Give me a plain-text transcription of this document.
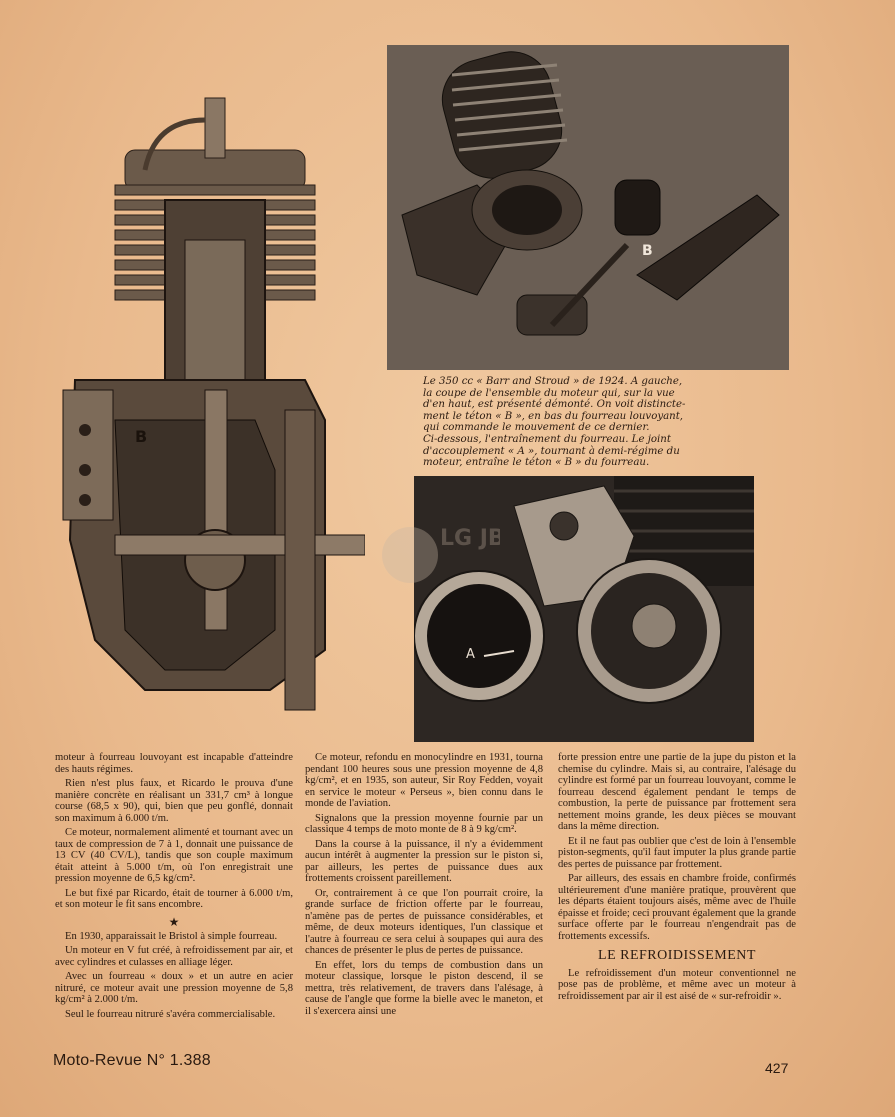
B
B
Le 350 cc « Barr and Stroud » de 1924. A gauche,
la coupe de l'ensemble du moteur qui, sur la vue
d'en haut, est présenté démonté. On voit distincte-
ment le téton « B », en bas du fourreau louvoyant,
qui commande le mouvement de ce dernier.
Ci-dessous, l'entraînement du fourreau. Le joint
d'accouplement « A », tournant à demi-régime du
moteur, entraîne le téton « B » du fourreau.
A
LG JB

moteur à fourreau louvoyant est incapable d'atteindre des hauts régimes.

Rien n'est plus faux, et Ricardo le prouva d'une manière concrète en réalisant un 331,7 cm³ à longue course (68,5 x 90), qui, bien que peu gonflé, donnait son maximum à 6.000 t/m.

Ce moteur, normalement alimenté et tournant avec un taux de compression de 7 à 1, donnait une puissance de 13 CV (40 CV/L), tandis que son couple maximum était atteint à 5.000 t/m, où l'on enregistrait une pression moyenne de 6,5 kg/cm².

Le but fixé par Ricardo, était de tourner à 6.000 t/m, et son moteur le fit sans encombre.

★

En 1930, apparaissait le Bristol à simple fourreau.

Un moteur en V fut créé, à refroidissement par air, et avec cylindres et culasses en alliage léger.

Avec un fourreau « doux » et un autre en acier nitruré, ce moteur avait une pression moyenne de 5,8 kg/cm² à 2.000 t/m.

Seul le fourreau nitruré s'avéra commercialisable.

Ce moteur, refondu en monocylindre en 1931, tourna pendant 100 heures sous une pression moyenne de 4,8 kg/cm², et en 1935, son auteur, Sir Roy Fedden, voyait en service le moteur « Perseus », bien connu dans le monde de l'aviation.

Signalons que la pression moyenne fournie par un classique 4 temps de moto monte de 8 à 9 kg/cm².

Dans la course à la puissance, il n'y a évidemment aucun intérêt à augmenter la pression sur le piston si, par ailleurs, les pertes de puissance dues aux frottements croissent pareillement.

Or, contrairement à ce que l'on pourrait croire, la grande surface de friction offerte par le fourreau, n'amène pas de pertes de puissance considérables, et même, de deux moteurs identiques, l'un classique et l'autre à fourreau ce sera celui à soupapes qui aura des chances de présenter le plus de pertes de puissance.

En effet, lors du temps de combustion dans un moteur classique, lorsque le piston descend, il se mettra, très relativement, de travers dans l'alésage, à cause de l'angle que forme la bielle avec le maneton, et il s'exercera ainsi une

forte pression entre une partie de la jupe du piston et la chemise du cylindre. Mais si, au contraire, l'alésage du cylindre est formé par un fourreau louvoyant, comme le fourreau descend également pendant le temps de combustion, la perte de puissance par frottement sera nettement moins grande, les deux pièces se mouvant dans la même direction.

Et il ne faut pas oublier que c'est de loin à l'ensemble piston-segments, qu'il faut imputer la plus grande partie des pertes de puissance par frottement.

Par ailleurs, des essais en chambre froide, confirmés ultérieurement d'une manière pratique, prouvèrent que les départs étaient toujours aisés, même avec de l'huile épaisse et froide; ceci prouvant également que la grande surface offerte par le fourreau n'engendrait pas de frottements excessifs.

LE REFROIDISSEMENT

Le refroidissement d'un moteur conventionnel ne pose pas de problème, et même avec un moteur à refroidissement par air il est aisé de « sur-refroidir ».

Moto-Revue N° 1.388	427
